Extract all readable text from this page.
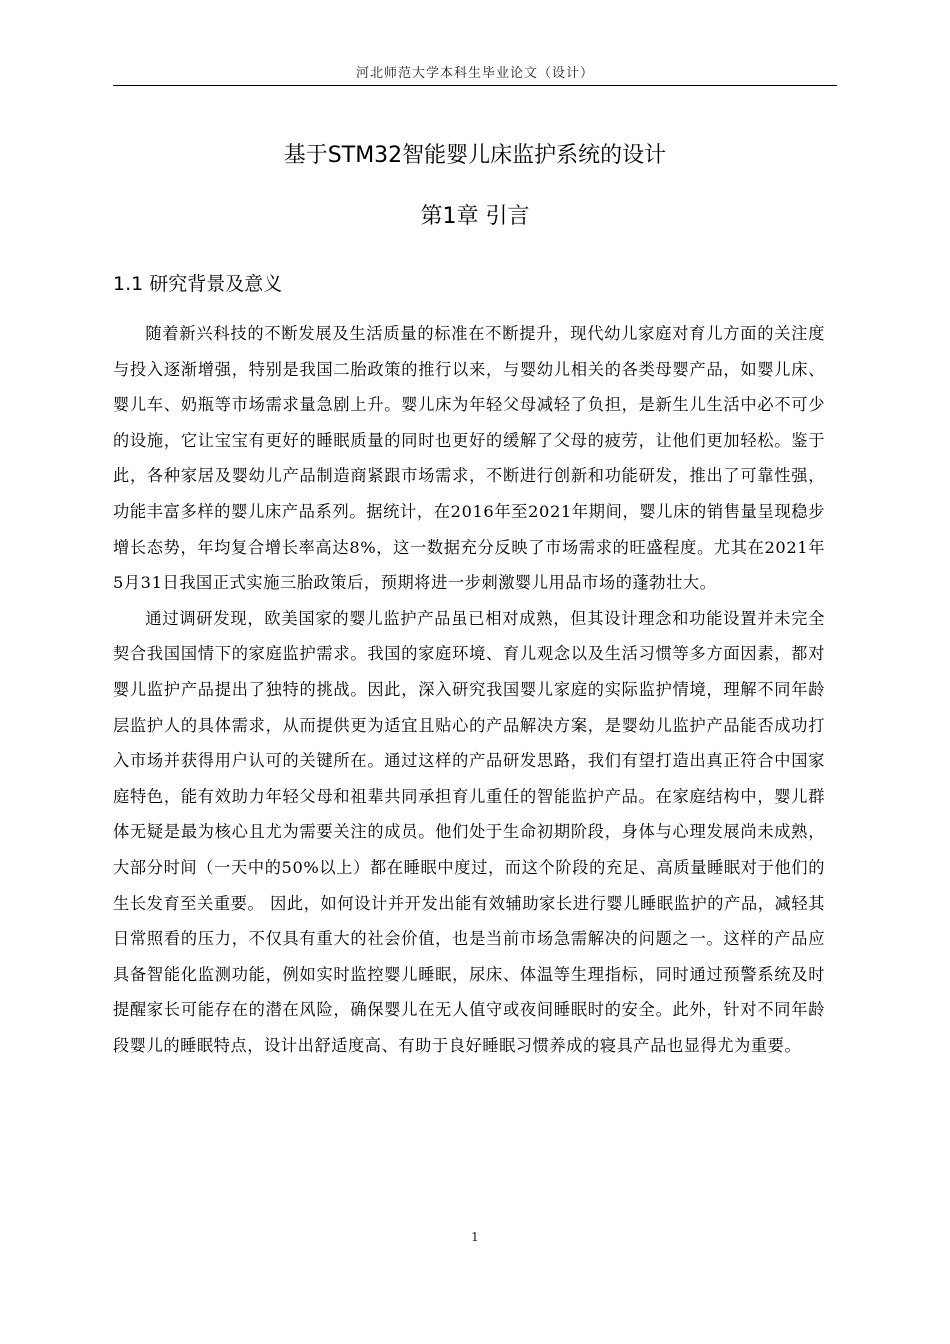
河北师范大学本科生毕业论文（设计）
基于STM32智能婴儿床监护系统的设计
第1章 引言
1.1 研究背景及意义

随着新兴科技的不断发展及生活质量的标准在不断提升，现代幼儿家庭对育儿方面的关注度与投入逐渐增强，特别是我国二胎政策的推行以来，与婴幼儿相关的各类母婴产品，如婴儿床、婴儿车、奶瓶等市场需求量急剧上升。婴儿床为年轻父母减轻了负担，是新生儿生活中必不可少的设施，它让宝宝有更好的睡眠质量的同时也更好的缓解了父母的疲劳，让他们更加轻松。鉴于此，各种家居及婴幼儿产品制造商紧跟市场需求，不断进行创新和功能研发，推出了可靠性强，功能丰富多样的婴儿床产品系列。据统计，在2016年至2021年期间，婴儿床的销售量呈现稳步增长态势，年均复合增长率高达8%，这一数据充分反映了市场需求的旺盛程度。尤其在2021年5月31日我国正式实施三胎政策后，预期将进一步刺激婴儿用品市场的蓬勃壮大。

通过调研发现，欧美国家的婴儿监护产品虽已相对成熟，但其设计理念和功能设置并未完全契合我国国情下的家庭监护需求。我国的家庭环境、育儿观念以及生活习惯等多方面因素，都对婴儿监护产品提出了独特的挑战。因此，深入研究我国婴儿家庭的实际监护情境，理解不同年龄层监护人的具体需求，从而提供更为适宜且贴心的产品解决方案，是婴幼儿监护产品能否成功打入市场并获得用户认可的关键所在。通过这样的产品研发思路，我们有望打造出真正符合中国家庭特色，能有效助力年轻父母和祖辈共同承担育儿重任的智能监护产品。在家庭结构中，婴儿群体无疑是最为核心且尤为需要关注的成员。他们处于生命初期阶段，身体与心理发展尚未成熟，大部分时间（一天中的50%以上）都在睡眠中度过，而这个阶段的充足、高质量睡眠对于他们的生长发育至关重要。 因此，如何设计并开发出能有效辅助家长进行婴儿睡眠监护的产品，减轻其日常照看的压力，不仅具有重大的社会价值，也是当前市场急需解决的问题之一。这样的产品应具备智能化监测功能，例如实时监控婴儿睡眠，尿床、体温等生理指标，同时通过预警系统及时提醒家长可能存在的潜在风险，确保婴儿在无人值守或夜间睡眠时的安全。此外，针对不同年龄段婴儿的睡眠特点，设计出舒适度高、有助于良好睡眠习惯养成的寝具产品也显得尤为重要。

1
